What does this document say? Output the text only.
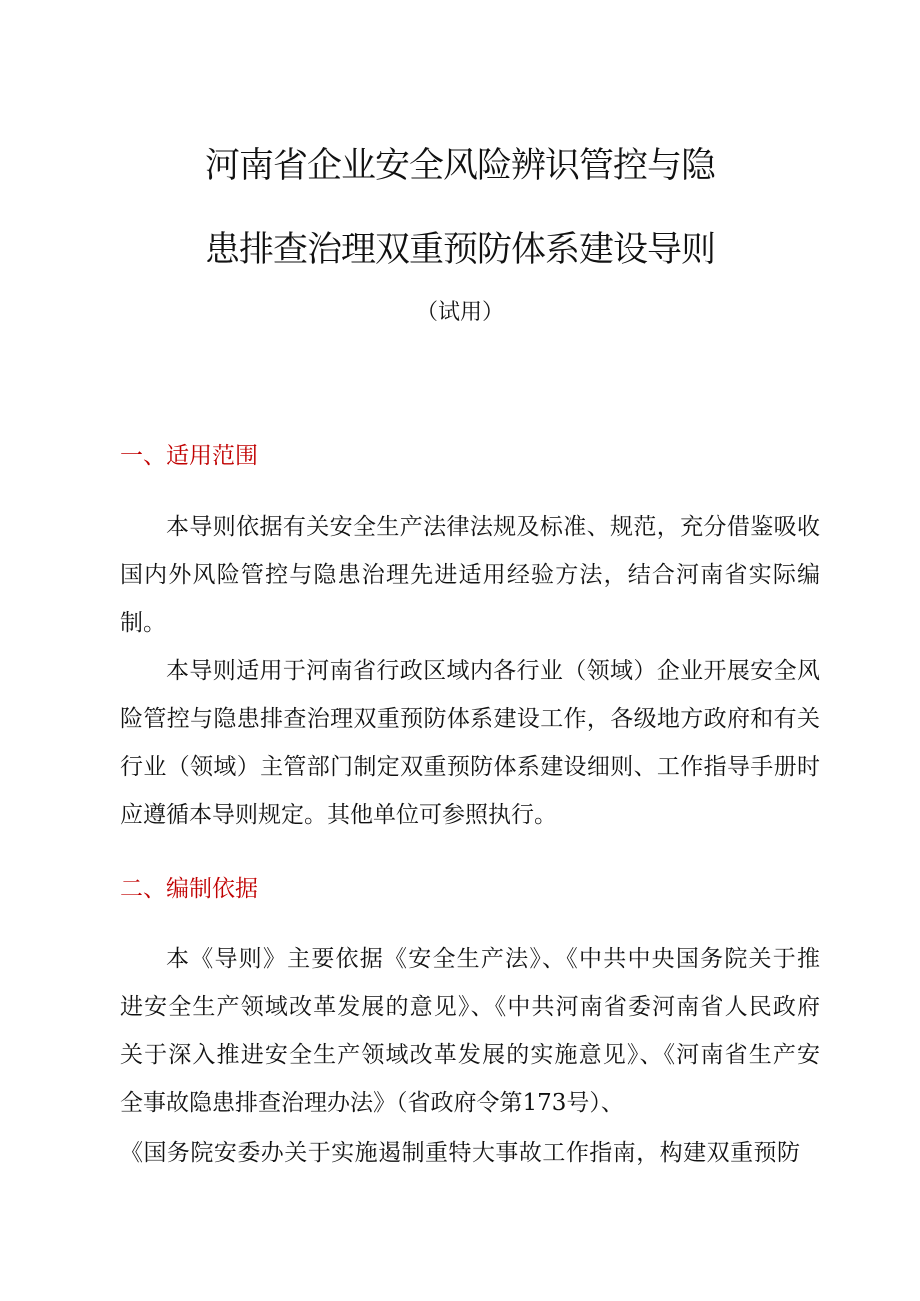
河南省企业安全风险辨识管控与隐
患排查治理双重预防体系建设导则
（试用）
一、适用范围
本导则依据有关安全生产法律法规及标准、规范，充分借鉴吸收
国内外风险管控与隐患治理先进适用经验方法，结合河南省实际编
制。
本导则适用于河南省行政区域内各行业（领域）企业开展安全风
险管控与隐患排查治理双重预防体系建设工作，各级地方政府和有关
行业（领域）主管部门制定双重预防体系建设细则、工作指导手册时
应遵循本导则规定。其他单位可参照执行。
二、编制依据
本《导则》主要依据《安全生产法》、《中共中央国务院关于推
进安全生产领域改革发展的意见》、《中共河南省委河南省人民政府
关于深入推进安全生产领域改革发展的实施意见》、《河南省生产安
全事故隐患排查治理办法》（省政府令第173号）、
《国务院安委办关于实施遏制重特大事故工作指南，构建双重预防
